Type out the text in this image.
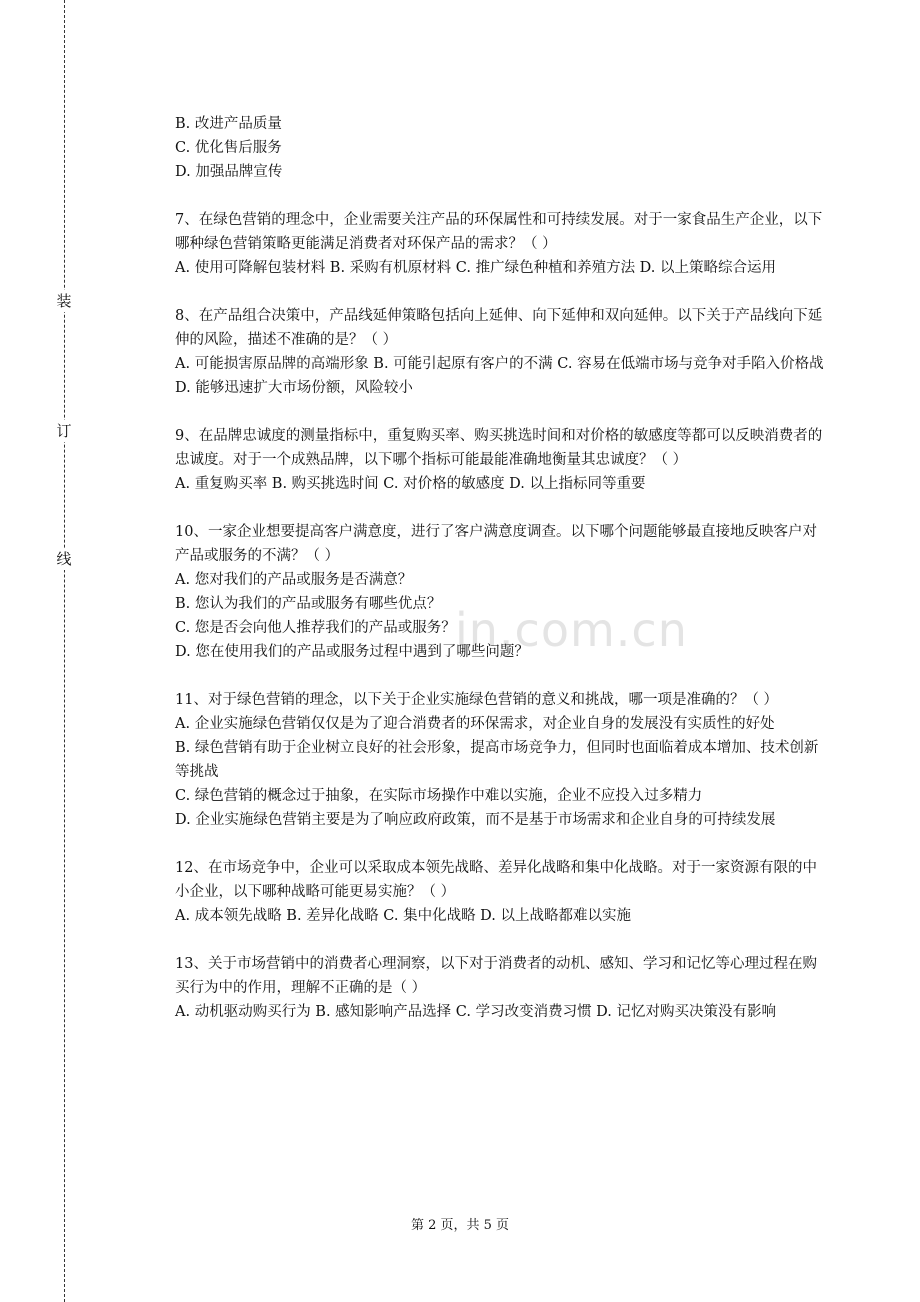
装
订
线
in.com.cn

B. 改进产品质量

C. 优化售后服务

D. 加强品牌宣传

7、在绿色营销的理念中，企业需要关注产品的环保属性和可持续发展。对于一家食品生产企业，以下哪种绿色营销策略更能满足消费者对环保产品的需求？（ ）

A. 使用可降解包装材料 B. 采购有机原材料 C. 推广绿色种植和养殖方法 D. 以上策略综合运用

8、在产品组合决策中，产品线延伸策略包括向上延伸、向下延伸和双向延伸。以下关于产品线向下延伸的风险，描述不准确的是？（ ）

A. 可能损害原品牌的高端形象 B. 可能引起原有客户的不满 C. 容易在低端市场与竞争对手陷入价格战 D. 能够迅速扩大市场份额，风险较小

9、在品牌忠诚度的测量指标中，重复购买率、购买挑选时间和对价格的敏感度等都可以反映消费者的忠诚度。对于一个成熟品牌，以下哪个指标可能最能准确地衡量其忠诚度？（ ）

A. 重复购买率 B. 购买挑选时间 C. 对价格的敏感度 D. 以上指标同等重要

10、一家企业想要提高客户满意度，进行了客户满意度调查。以下哪个问题能够最直接地反映客户对产品或服务的不满？（ ）

A. 您对我们的产品或服务是否满意？

B. 您认为我们的产品或服务有哪些优点？

C. 您是否会向他人推荐我们的产品或服务？

D. 您在使用我们的产品或服务过程中遇到了哪些问题？

11、对于绿色营销的理念，以下关于企业实施绿色营销的意义和挑战，哪一项是准确的？（ ）

A. 企业实施绿色营销仅仅是为了迎合消费者的环保需求，对企业自身的发展没有实质性的好处

B. 绿色营销有助于企业树立良好的社会形象，提高市场竞争力，但同时也面临着成本增加、技术创新等挑战

C. 绿色营销的概念过于抽象，在实际市场操作中难以实施，企业不应投入过多精力

D. 企业实施绿色营销主要是为了响应政府政策，而不是基于市场需求和企业自身的可持续发展

12、在市场竞争中，企业可以采取成本领先战略、差异化战略和集中化战略。对于一家资源有限的中小企业，以下哪种战略可能更易实施？（ ）

A. 成本领先战略 B. 差异化战略 C. 集中化战略 D. 以上战略都难以实施

13、关于市场营销中的消费者心理洞察，以下对于消费者的动机、感知、学习和记忆等心理过程在购买行为中的作用，理解不正确的是（ ）

A. 动机驱动购买行为 B. 感知影响产品选择 C. 学习改变消费习惯 D. 记忆对购买决策没有影响

第 2 页，共 5 页
